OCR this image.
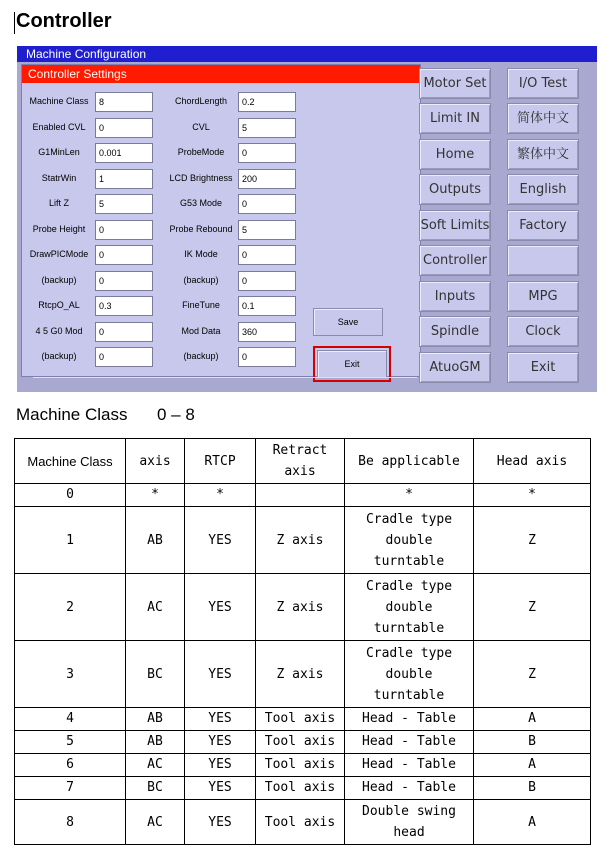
Controller
Machine Configuration
Controller Settings
Machine Class	8
Enabled CVL	0
G1MinLen	0.001
StatrWin	1
Lift Z	5
Probe Height	0
DrawPICMode	0
(backup)	0
RtcpO_AL	0.3
4 5 G0 Mod	0
(backup)	0
ChordLength	0.2
CVL	5
ProbeMode	0
LCD Brightness	200
G53 Mode	0
Probe Rebound	5
IK Mode	0
(backup)	0
FineTune	0.1
Mod Data	360
(backup)	0
Save
Exit
Motor Set	I/O Test
Limit IN	简体中文
Home	繁体中文
Outputs	English
Soft Limits	Factory
Controller
Inputs	MPG
Spindle	Clock
AtuoGM	Exit
Machine Class 0 – 8
Machine Class	axis	RTCP	Retract axis	Be applicable	Head axis
0	*	*		*	*
1	AB	YES	Z axis	Cradle type double turntable	Z
2	AC	YES	Z axis	Cradle type double turntable	Z
3	BC	YES	Z axis	Cradle type double turntable	Z
4	AB	YES	Tool axis	Head - Table	A
5	AB	YES	Tool axis	Head - Table	B
6	AC	YES	Tool axis	Head - Table	A
7	BC	YES	Tool axis	Head - Table	B
8	AC	YES	Tool axis	Double swing head	A
